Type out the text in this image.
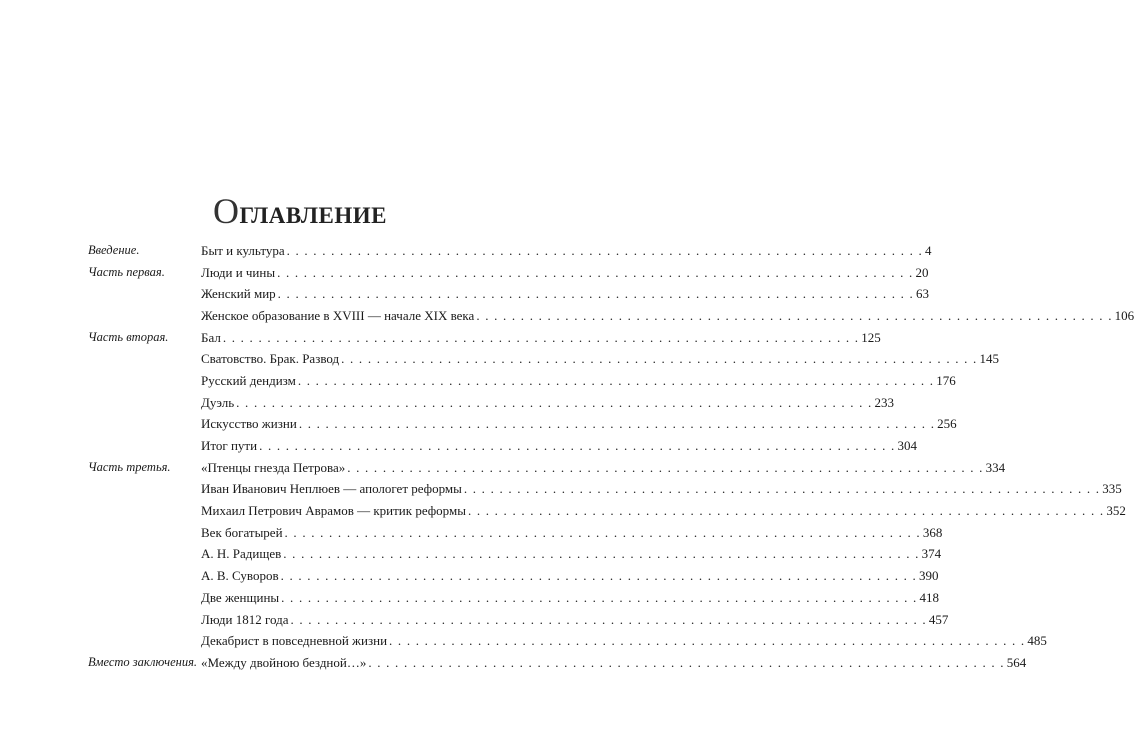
ОГЛАВЛЕНИЕ
Введение.	Быт и культура . . .	4
Часть первая.	Люди и чины . . .	20
Женский мир . . .	63
Женское образование в XVIII — начале XIX века . . .	106
Часть вторая.	Бал . . .	125
Сватовство. Брак. Развод . . .	145
Русский дендизм . . .	176
Дуэль . . .	233
Искусство жизни . . .	256
Итог пути . . .	304
Часть третья.	«Птенцы гнезда Петрова» . . .	334
Иван Иванович Неплюев — апологет реформы . . .	335
Михаил Петрович Аврамов — критик реформы . . .	352
Век богатырей . . .	368
А. Н. Радищев . . .	374
А. В. Суворов . . .	390
Две женщины . . .	418
Люди 1812 года . . .	457
Декабрист в повседневной жизни . . .	485
Вместо заключения. «Между двойною бездной…» . . .	564
